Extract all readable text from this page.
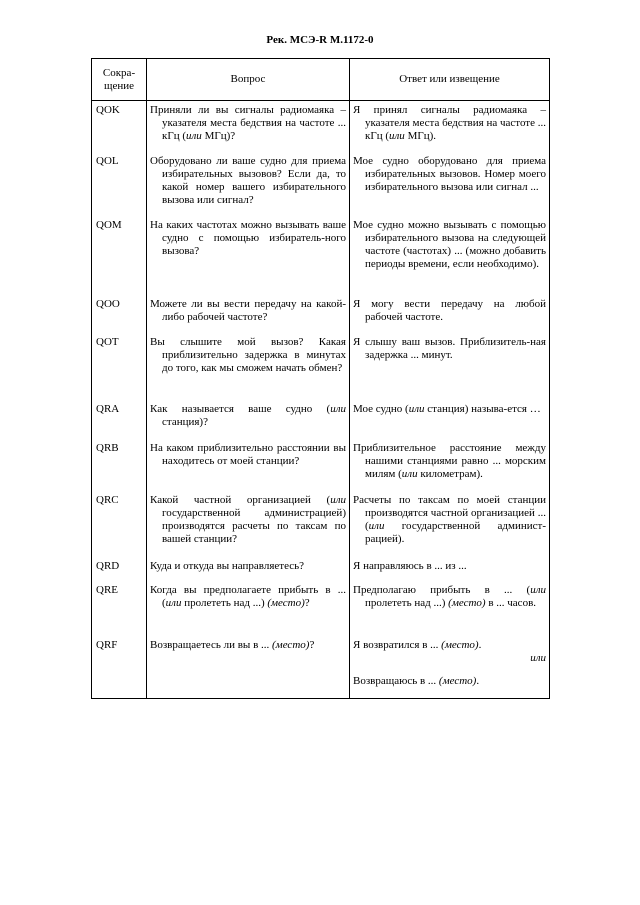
Рек. МСЭ-R M.1172-0
Сокра-
щение	Вопрос	Ответ или извещение
QOK	Приняли ли вы сигналы радиомаяка – указателя места бедствия на частоте ... кГц (или МГц)?	Я принял сигналы радиомаяка – указателя места бедствия на частоте ... кГц (или МГц).

QOL	Оборудовано ли ваше судно для приема избирательных вызовов? Если да, то какой номер вашего избирательного вызова или сигнал?	Мое судно оборудовано для приема избирательных вызовов. Номер моего избирательного вызова или сигнал ...

QOM	На каких частотах можно вызывать ваше судно с помощью избиратель-ного вызова?	Мое судно можно вызывать с помощью избирательного вызова на следующей частоте (частотах) ... (можно добавить периоды времени, если необходимо).

QOO	Можете ли вы вести передачу на какой-либо рабочей частоте?	Я могу вести передачу на любой рабочей частоте.

QOT	Вы слышите мой вызов? Какая приблизительно задержка в минутах до того, как мы сможем начать обмен?	Я слышу ваш вызов. Приблизитель-ная задержка ... минут.

QRA	Как называется ваше судно (или станция)?	Мое судно (или станция) называ-ется …

QRB	На каком приблизительно расстоянии вы находитесь от моей станции?	Приблизительное расстояние между нашими станциями равно ... морским милям (или километрам).

QRC	Какой частной организацией (или государственной администрацией) производятся расчеты по таксам по вашей станции?	Расчеты по таксам по моей станции производятся частной организацией ... (или государственной админист-рацией).

QRD	Куда и откуда вы направляетесь?	Я направляюсь в ... из ...

QRE	Когда вы предполагаете прибыть в ... (или пролететь над ...) (место)?	Предполагаю прибыть в ... (или пролететь над ...) (место) в ... часов.

QRF	Возвращаетесь ли вы в ... (место)?	Я возвратился в ... (место).
или
Возвращаюсь в ... (место).
